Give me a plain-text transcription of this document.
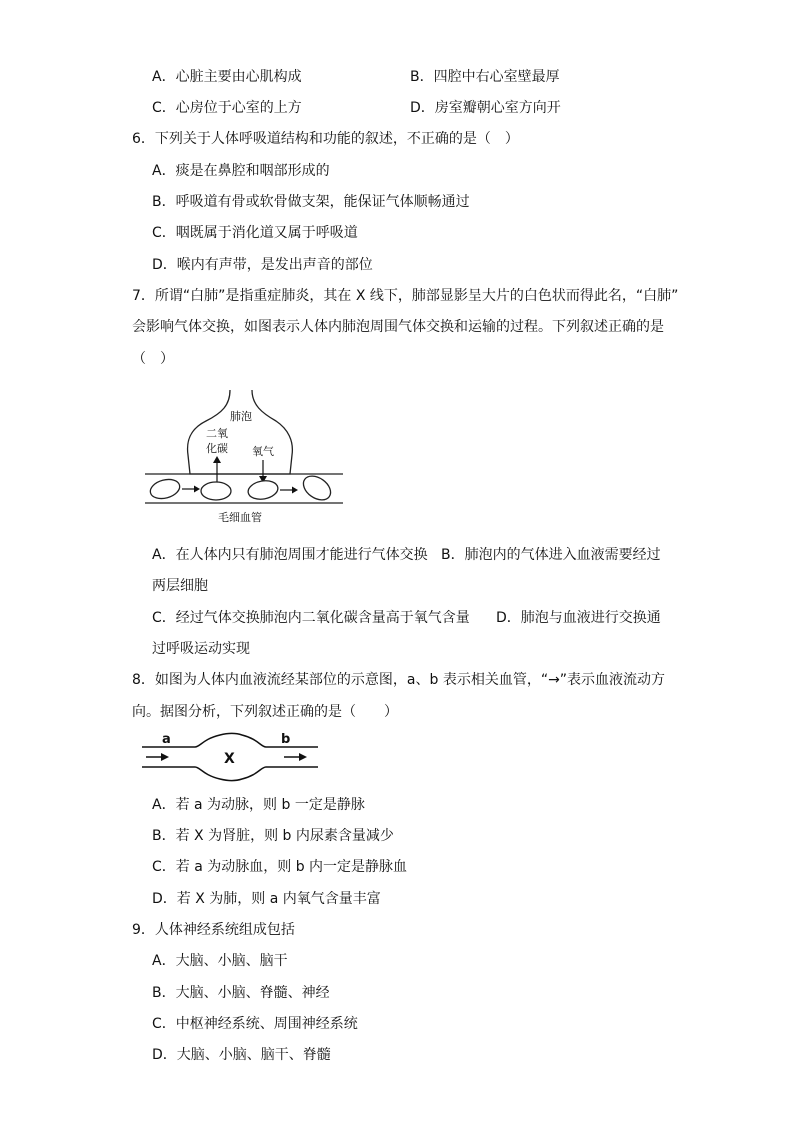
A．心脏主要由心肌构成	B．四腔中右心室壁最厚
C．心房位于心室的上方	D．房室瓣朝心室方向开
6．下列关于人体呼吸道结构和功能的叙述，不正确的是（　）
A．痰是在鼻腔和咽部形成的
B．呼吸道有骨或软骨做支架，能保证气体顺畅通过
C．咽既属于消化道又属于呼吸道
D．喉内有声带，是发出声音的部位
7．所谓“白肺”是指重症肺炎，其在 X 线下，肺部显影呈大片的白色状而得此名，“白肺”
会影响气体交换，如图表示人体内肺泡周围气体交换和运输的过程。下列叙述正确的是
（　）
肺泡
二氧
化碳 氧气
毛细血管
A．在人体内只有肺泡周围才能进行气体交换 B．肺泡内的气体进入血液需要经过
两层细胞
C．经过气体交换肺泡内二氧化碳含量高于氧气含量 D．肺泡与血液进行交换通
过呼吸运动实现
8．如图为人体内血液流经某部位的示意图，a、b 表示相关血管，“→”表示血液流动方
向。据图分析，下列叙述正确的是（　　）
a	b
X
A．若 a 为动脉，则 b 一定是静脉
B．若 X 为肾脏，则 b 内尿素含量减少
C．若 a 为动脉血，则 b 内一定是静脉血
D．若 X 为肺，则 a 内氧气含量丰富
9．人体神经系统组成包括
A．大脑、小脑、脑干
B．大脑、小脑、脊髓、神经
C．中枢神经系统、周围神经系统
D．大脑、小脑、脑干、脊髓
